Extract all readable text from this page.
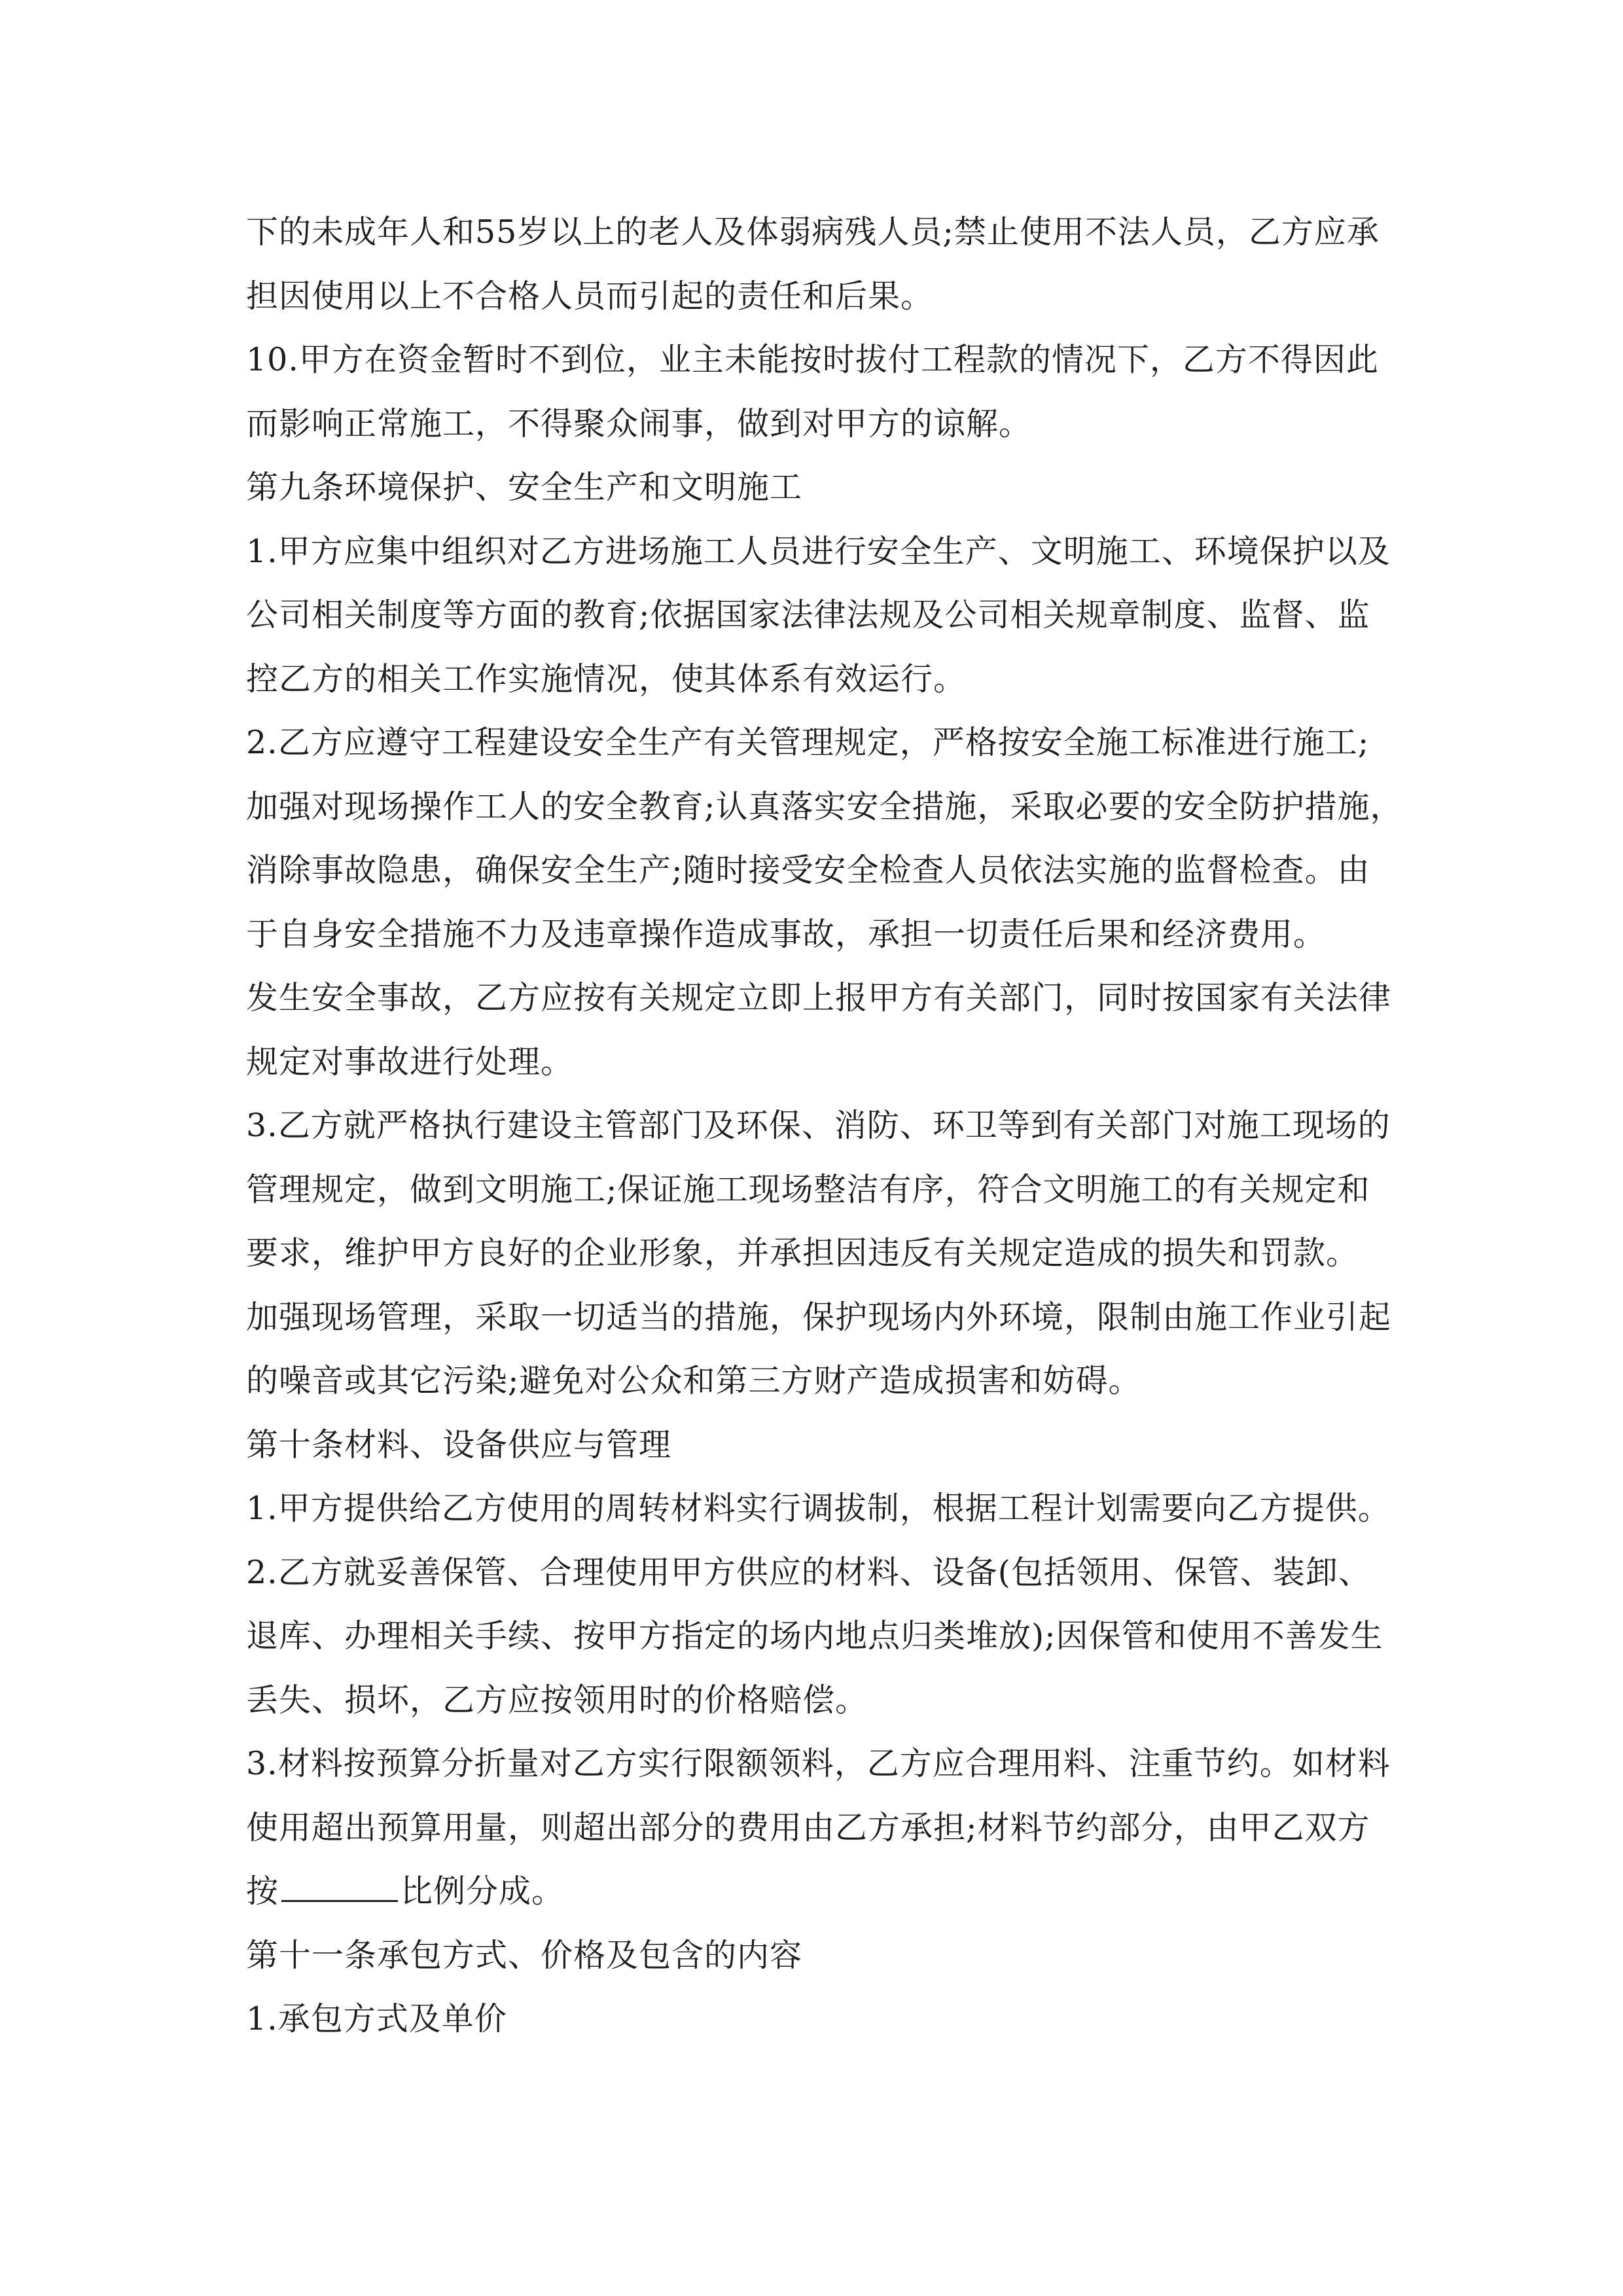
下的未成年人和55岁以上的老人及体弱病残人员;禁止使用不法人员，乙方应承
担因使用以上不合格人员而引起的责任和后果。
10.甲方在资金暂时不到位，业主未能按时拔付工程款的情况下，乙方不得因此
而影响正常施工，不得聚众闹事，做到对甲方的谅解。
第九条环境保护、安全生产和文明施工
1.甲方应集中组织对乙方进场施工人员进行安全生产、文明施工、环境保护以及
公司相关制度等方面的教育;依据国家法律法规及公司相关规章制度、监督、监
控乙方的相关工作实施情况，使其体系有效运行。
2.乙方应遵守工程建设安全生产有关管理规定，严格按安全施工标准进行施工;
加强对现场操作工人的安全教育;认真落实安全措施，采取必要的安全防护措施，
消除事故隐患，确保安全生产;随时接受安全检查人员依法实施的监督检查。由
于自身安全措施不力及违章操作造成事故，承担一切责任后果和经济费用。
发生安全事故，乙方应按有关规定立即上报甲方有关部门，同时按国家有关法律
规定对事故进行处理。
3.乙方就严格执行建设主管部门及环保、消防、环卫等到有关部门对施工现场的
管理规定，做到文明施工;保证施工现场整洁有序，符合文明施工的有关规定和
要求，维护甲方良好的企业形象，并承担因违反有关规定造成的损失和罚款。
加强现场管理，采取一切适当的措施，保护现场内外环境，限制由施工作业引起
的噪音或其它污染;避免对公众和第三方财产造成损害和妨碍。
第十条材料、设备供应与管理
1.甲方提供给乙方使用的周转材料实行调拔制，根据工程计划需要向乙方提供。
2.乙方就妥善保管、合理使用甲方供应的材料、设备(包括领用、保管、装卸、
退库、办理相关手续、按甲方指定的场内地点归类堆放);因保管和使用不善发生
丢失、损坏，乙方应按领用时的价格赔偿。
3.材料按预算分折量对乙方实行限额领料，乙方应合理用料、注重节约。如材料
使用超出预算用量，则超出部分的费用由乙方承担;材料节约部分，由甲乙双方
按	比例分成。
第十一条承包方式、价格及包含的内容
1.承包方式及单价
